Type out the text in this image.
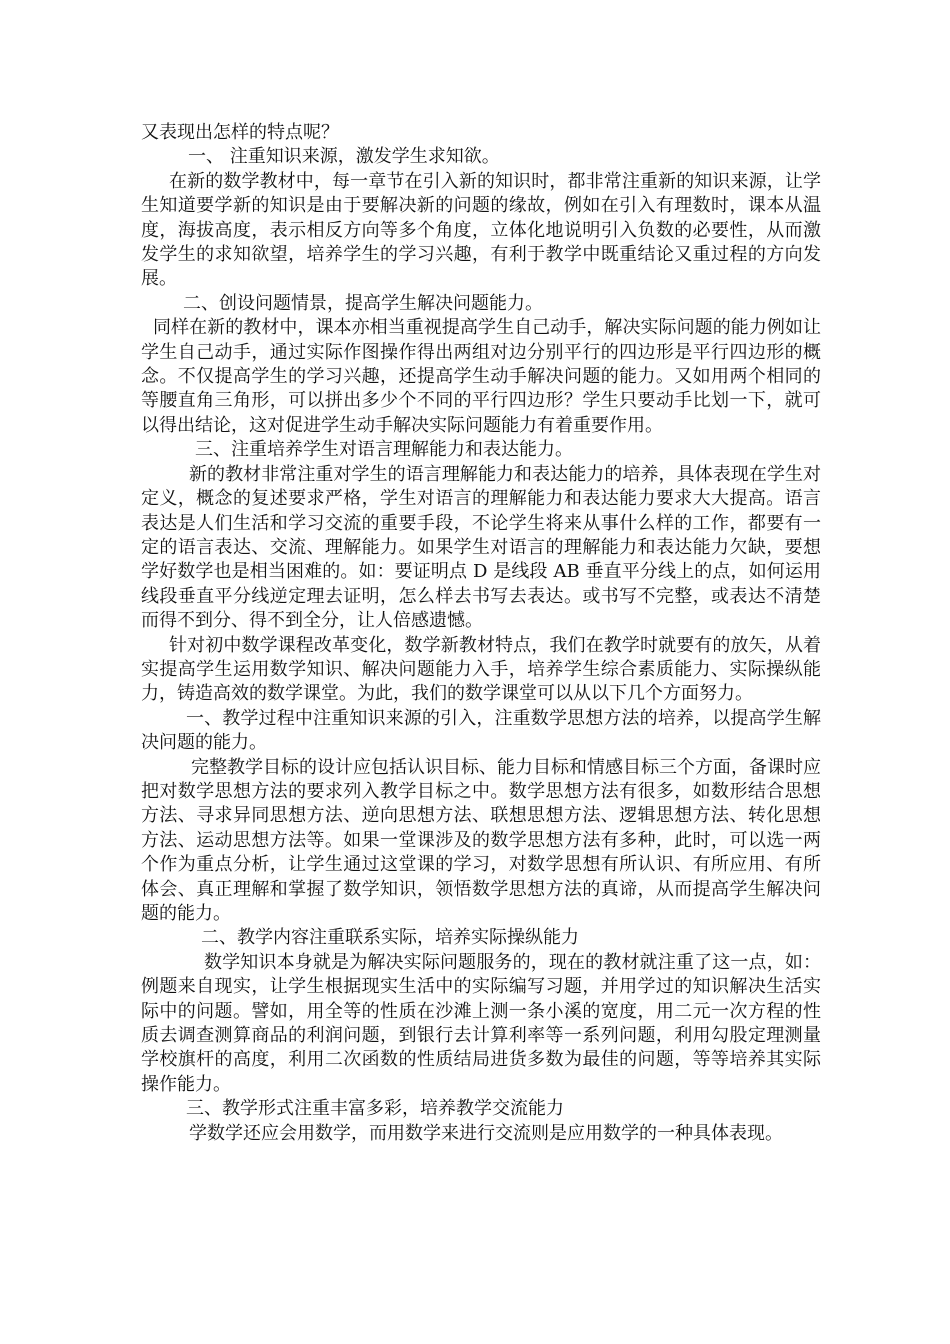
又表现出怎样的特点呢？

一、 注重知识来源，激发学生求知欲。

在新的数学教材中，每一章节在引入新的知识时，都非常注重新的知识来源，让学生知道要学新的知识是由于要解决新的问题的缘故，例如在引入有理数时，课本从温度，海拔高度，表示相反方向等多个角度，立体化地说明引入负数的必要性，从而激发学生的求知欲望，培养学生的学习兴趣，有利于教学中既重结论又重过程的方向发展。

二、创设问题情景，提高学生解决问题能力。

同样在新的教材中，课本亦相当重视提高学生自己动手，解决实际问题的能力例如让学生自己动手，通过实际作图操作得出两组对边分别平行的四边形是平行四边形的概念。不仅提高学生的学习兴趣，还提高学生动手解决问题的能力。又如用两个相同的等腰直角三角形，可以拼出多少个不同的平行四边形？学生只要动手比划一下，就可以得出结论，这对促进学生动手解决实际问题能力有着重要作用。

三、注重培养学生对语言理解能力和表达能力。

新的教材非常注重对学生的语言理解能力和表达能力的培养，具体表现在学生对定义，概念的复述要求严格，学生对语言的理解能力和表达能力要求大大提高。语言表达是人们生活和学习交流的重要手段，不论学生将来从事什么样的工作，都要有一定的语言表达、交流、理解能力。如果学生对语言的理解能力和表达能力欠缺，要想学好数学也是相当困难的。如：要证明点 D 是线段 AB 垂直平分线上的点，如何运用线段垂直平分线逆定理去证明，怎么样去书写去表达。或书写不完整，或表达不清楚而得不到分、得不到全分，让人倍感遗憾。

针对初中数学课程改革变化，数学新教材特点，我们在教学时就要有的放矢，从着实提高学生运用数学知识、解决问题能力入手，培养学生综合素质能力、实际操纵能力，铸造高效的数学课堂。为此，我们的数学课堂可以从以下几个方面努力。

一、教学过程中注重知识来源的引入，注重数学思想方法的培养，以提高学生解决问题的能力。

完整教学目标的设计应包括认识目标、能力目标和情感目标三个方面，备课时应把对数学思想方法的要求列入教学目标之中。数学思想方法有很多，如数形结合思想方法、寻求异同思想方法、逆向思想方法、联想思想方法、逻辑思想方法、转化思想方法、运动思想方法等。如果一堂课涉及的数学思想方法有多种，此时，可以选一两个作为重点分析，让学生通过这堂课的学习，对数学思想有所认识、有所应用、有所体会、真正理解和掌握了数学知识，领悟数学思想方法的真谛，从而提高学生解决问题的能力。

二、教学内容注重联系实际，培养实际操纵能力

数学知识本身就是为解决实际问题服务的，现在的教材就注重了这一点，如：例题来自现实，让学生根据现实生活中的实际编写习题，并用学过的知识解决生活实际中的问题。譬如，用全等的性质在沙滩上测一条小溪的宽度，用二元一次方程的性质去调查测算商品的利润问题，到银行去计算利率等一系列问题，利用勾股定理测量学校旗杆的高度，利用二次函数的性质结局进货多数为最佳的问题，等等培养其实际操作能力。

三、教学形式注重丰富多彩，培养教学交流能力

学数学还应会用数学，而用数学来进行交流则是应用数学的一种具体表现。
